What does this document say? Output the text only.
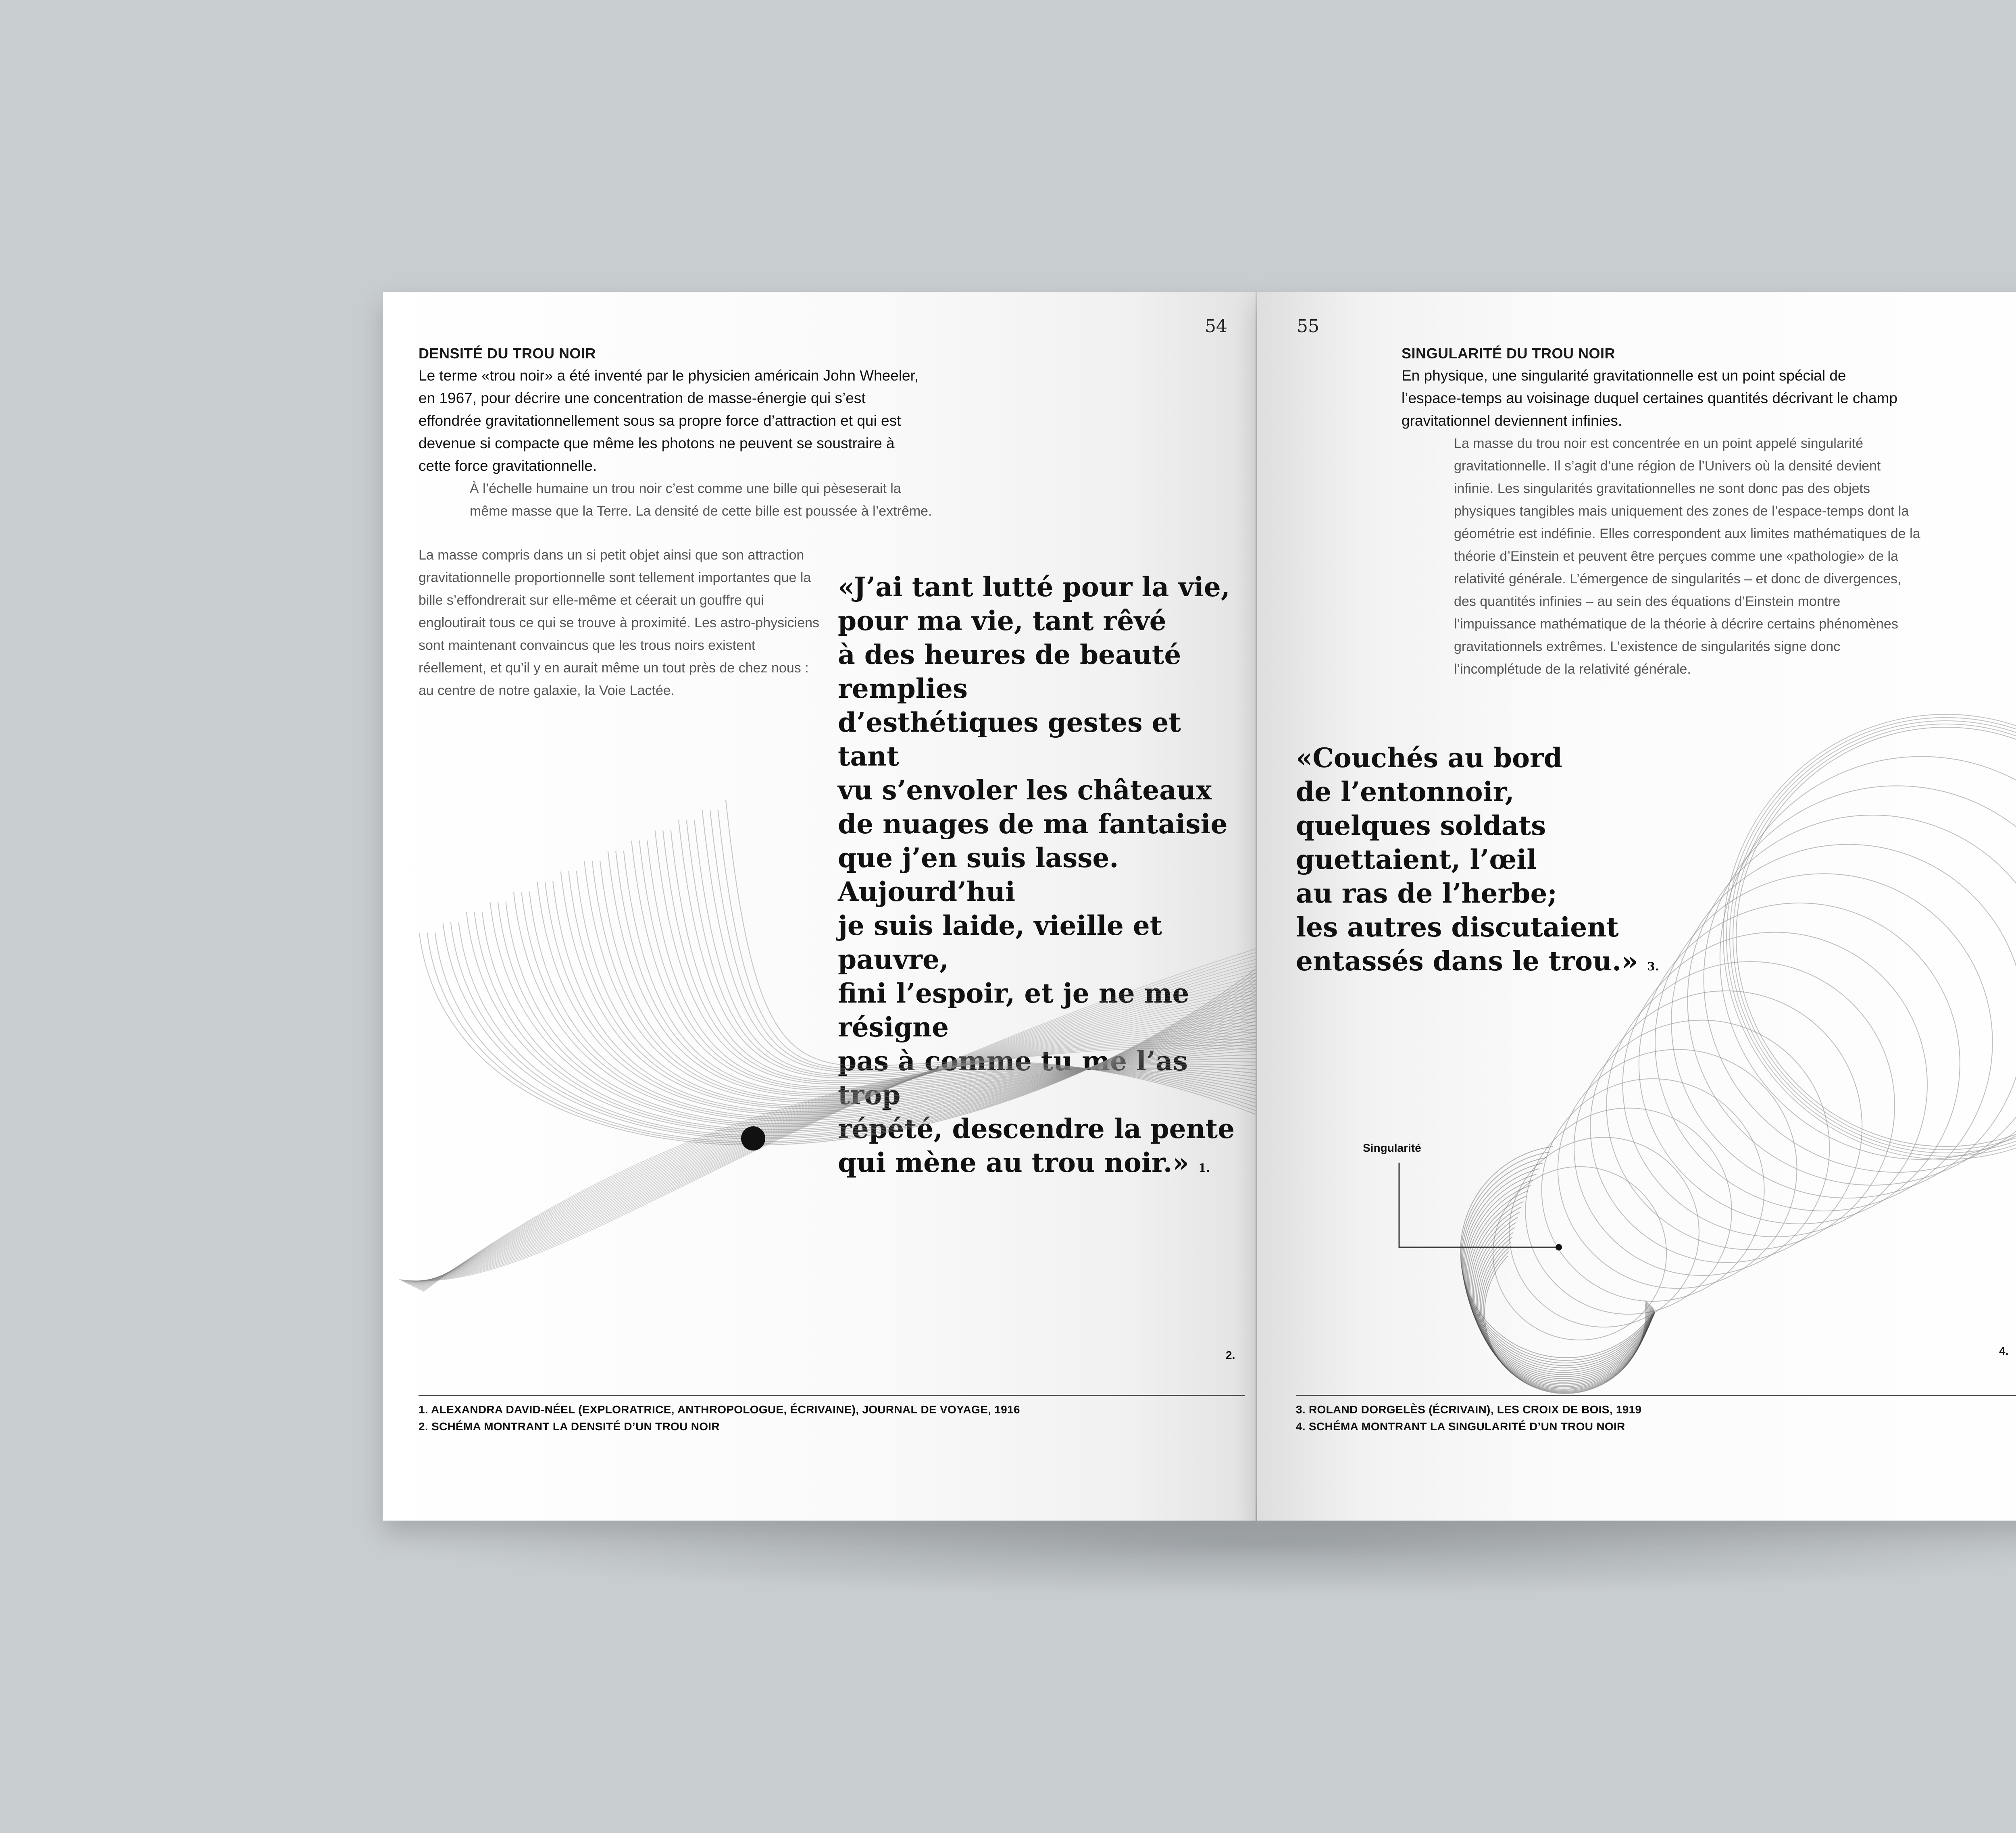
54
DENSITÉ DU TROU NOIR

Le terme «trou noir» a été inventé par le physicien américain John Wheeler, en 1967, pour décrire une concentration de masse-énergie qui s’est effondrée gravitationnellement sous sa propre force d’attraction et qui est devenue si compacte que même les photons ne peuvent se soustraire à cette force gravitationnelle.

À l’échelle humaine un trou noir c’est comme une bille qui pèseserait la même masse que la Terre. La densité de cette bille est poussée à l’extrême.

La masse compris dans un si petit objet ainsi que son attraction gravitationnelle proportionnelle sont tellement importantes que la bille s’effondrerait sur elle-même et céerait un gouffre qui engloutirait tous ce qui se trouve à proximité. Les astro-physiciens sont maintenant convaincus que les trous noirs existent réellement, et qu’il y en aurait même un tout près de chez nous : au centre de notre galaxie, la Voie Lactée.

«J’ai tant lutté pour la vie,
pour ma vie, tant rêvé
à des heures de beauté remplies
d’esthétiques gestes et tant
vu s’envoler les châteaux
de nuages de ma fantaisie
que j’en suis lasse. Aujourd’hui
je suis laide, vieille et pauvre,
fini l’espoir, et je ne me résigne
pas à comme tu me l’as trop
répété, descendre la pente
qui mène au trou noir.» 1.
2.
1. ALEXANDRA DAVID-NÉEL (EXPLORATRICE, ANTHROPOLOGUE, ÉCRIVAINE), JOURNAL DE VOYAGE, 1916
2. SCHÉMA MONTRANT LA DENSITÉ D’UN TROU NOIR
55
SINGULARITÉ DU TROU NOIR

En physique, une singularité gravitationnelle est un point spécial de l’espace-temps au voisinage duquel certaines quantités décrivant le champ gravitationnel deviennent infinies.

La masse du trou noir est concentrée en un point appelé singularité gravitationnelle. Il s’agit d’une région de l’Univers où la densité devient infinie. Les singularités gravitationnelles ne sont donc pas des objets physiques tangibles mais uniquement des zones de l’espace-temps dont la géométrie est indéfinie. Elles correspondent aux limites mathématiques de la théorie d’Einstein et peuvent être perçues comme une «pathologie» de la relativité générale. L’émergence de singularités – et donc de divergences, des quantités infinies – au sein des équations d’Einstein montre l’impuissance mathématique de la théorie à décrire certains phénomènes gravitationnels extrêmes. L’existence de singularités signe donc l’incomplétude de la relativité générale.

«Couchés au bord
de l’entonnoir,
quelques soldats
guettaient, l’œil
au ras de l’herbe;
les autres discutaient
entassés dans le trou.» 3.
Singularité
4.
3. ROLAND DORGELÈS (ÉCRIVAIN), LES CROIX DE BOIS, 1919
4. SCHÉMA MONTRANT LA SINGULARITÉ D’UN TROU NOIR
